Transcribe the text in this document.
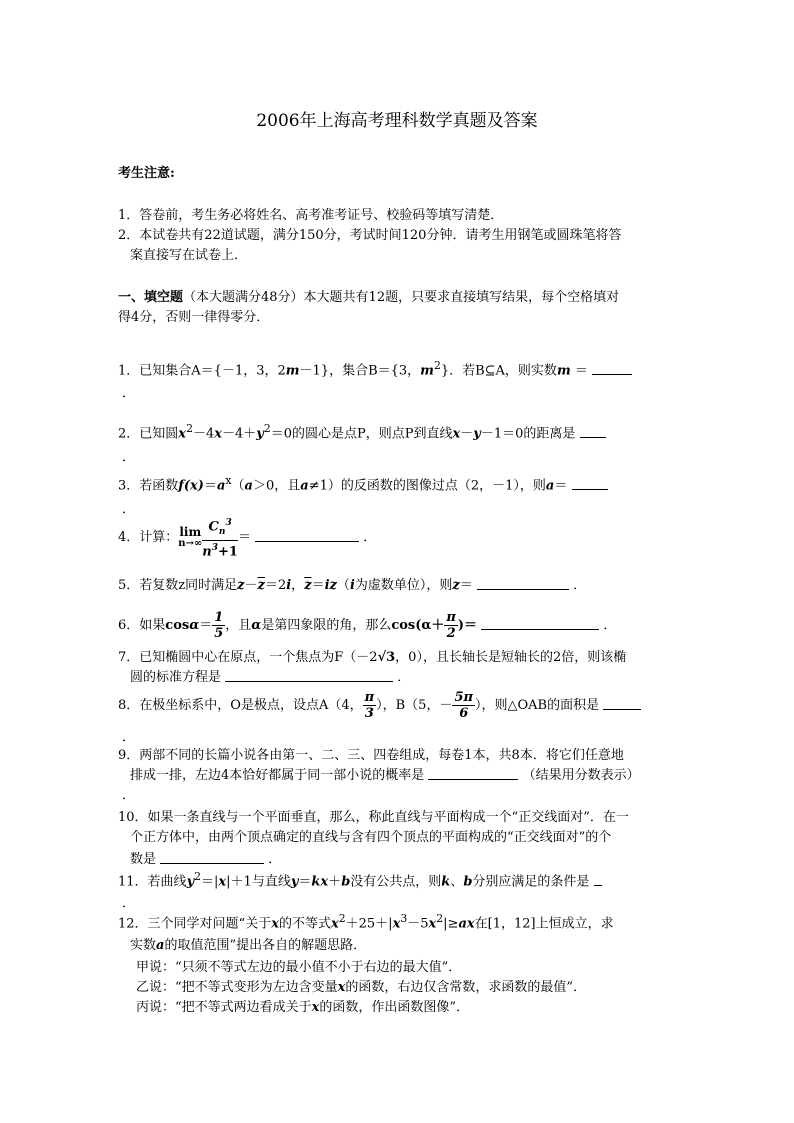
2006年上海高考理科数学真题及答案
考生注意:
1．答卷前，考生务必将姓名、高考准考证号、校验码等填写清楚．
2．本试卷共有22道试题，满分150分，考试时间120分钟．请考生用钢笔或圆珠笔将答
案直接写在试卷上．
一、填空题（本大题满分48分）本大题共有12题，只要求直接填写结果，每个空格填对
得4分，否则一律得零分．
1．已知集合A＝{－1，3，2m－1}，集合B＝{3，$m^2$}．若B⊆A，则实数m ＝
．
2．已知圆$x^2-4x-4+y^2=0$的圆心是点P，则点P到直线x－y－1＝0的距离是
．
3．若函数$f(x)=a^x(a>0$，且a≠1）的反函数的图像过点（2，－1），则a＝
．
4．计算： lim
$n\to\infty \frac{C_n^3}{n^3+1}$ ＝	．
5．若复数z同时满足$z-\overline{z}=2i$，$\overline{z}=iz(i$为虚数单位），则z＝	．
6．如果$\cos\alpha= \frac{1}{5}$ ，且α是第四象限的角，那么$\cos(\alpha+ \frac{\pi}{2}$ )＝	．
7．已知椭圆中心在原点，一个焦点为F（－2√3，0），且长轴长是短轴长的2倍，则该椭
圆的标准方程是	．
8．在极坐标系中，O是极点，设点A（4， $\frac{\pi}{3}$ ），B（5，－ $\frac{5\pi}{6}$ ），则△OAB的面积是
．
9．两部不同的长篇小说各由第一、二、三、四卷组成，每卷1本，共8本．将它们任意地
排成一排，左边4本恰好都属于同一部小说的概率是	（结果用分数表示）
．
10．如果一条直线与一个平面垂直，那么，称此直线与平面构成一个“正交线面对”．在一
个正方体中，由两个顶点确定的直线与含有四个顶点的平面构成的“正交线面对”的个
数是	．
11．若曲线$y^2=|x|+1$与直线y＝kx＋b没有公共点，则k、b分别应满足的条件是
．
12．三个同学对问题“关于x的不等式$x^2+25+|x^3-5x^2|\ge ax$在[1，12]上恒成立，求
实数a的取值范围”提出各自的解题思路．
甲说：“只须不等式左边的最小值不小于右边的最大值”．
乙说：“把不等式变形为左边含变量x的函数，右边仅含常数，求函数的最值”．
丙说：“把不等式两边看成关于x的函数，作出函数图像”．
